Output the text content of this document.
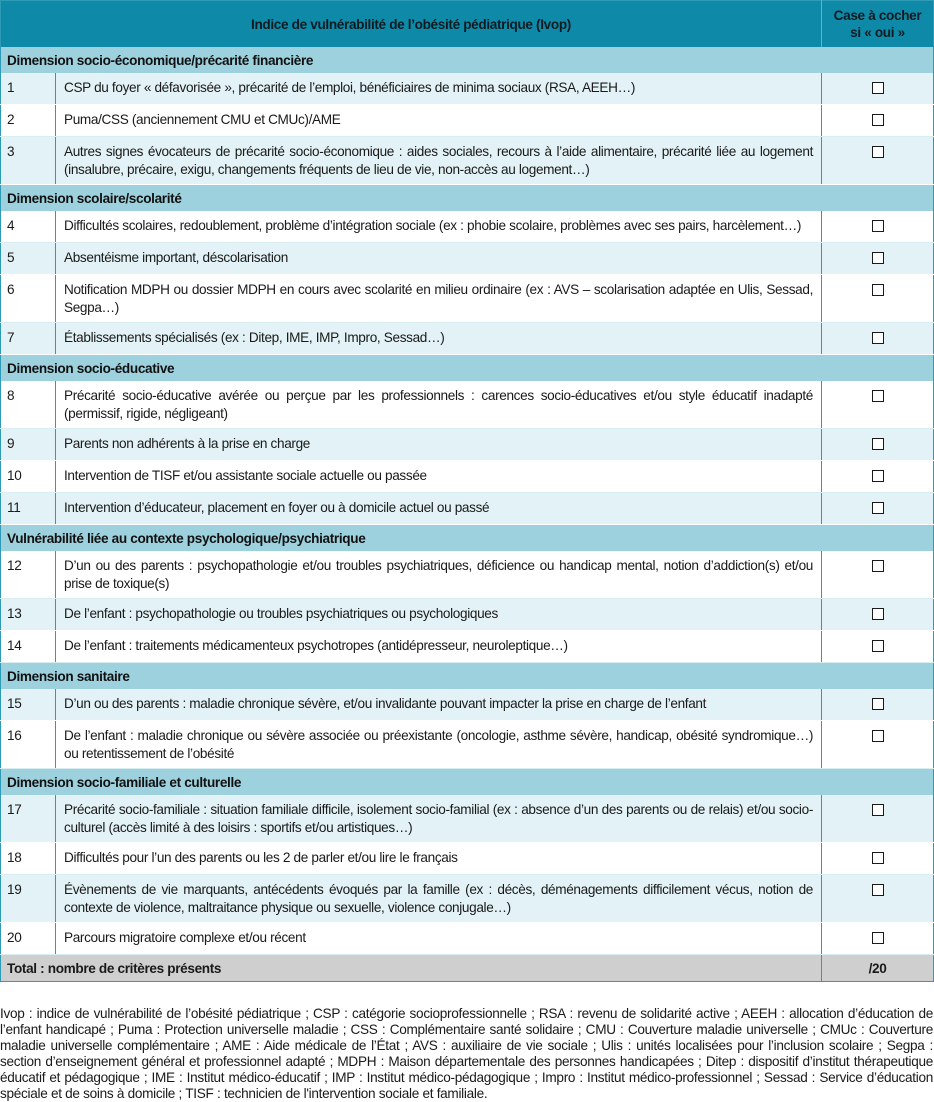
Indice de vulnérabilité de l’obésité pédiatrique (Ivop)		Case à cocher si « oui »
Dimension socio-économique/précarité financière		
1	CSP du foyer « défavorisée », précarité de l’emploi, bénéficiaires de minima sociaux (RSA, AEEH…)	
2	Puma/CSS (anciennement CMU et CMUc)/AME	
3	Autres signes évocateurs de précarité socio-économique : aides sociales, recours à l’aide alimentaire, précarité liée au logement (insalubre, précaire, exigu, changements fréquents de lieu de vie, non-accès au logement…)	
Dimension scolaire/scolarité		
4	Difficultés scolaires, redoublement, problème d’intégration sociale (ex : phobie scolaire, problèmes avec ses pairs, harcèlement…)	
5	Absentéisme important, déscolarisation	
6	Notification MDPH ou dossier MDPH en cours avec scolarité en milieu ordinaire (ex : AVS – scolarisation adaptée en Ulis, Sessad, Segpa…)	
7	Établissements spécialisés (ex : Ditep, IME, IMP, Impro, Sessad…)	
Dimension socio-éducative		
8	Précarité socio-éducative avérée ou perçue par les professionnels : carences socio-éducatives et/ou style éducatif inadapté (permissif, rigide, négligeant)	
9	Parents non adhérents à la prise en charge	
10	Intervention de TISF et/ou assistante sociale actuelle ou passée	
11	Intervention d’éducateur, placement en foyer ou à domicile actuel ou passé	
Vulnérabilité liée au contexte psychologique/psychiatrique		
12	D’un ou des parents : psychopathologie et/ou troubles psychiatriques, déficience ou handicap mental, notion d’addiction(s) et/ou prise de toxique(s)	
13	De l’enfant : psychopathologie ou troubles psychiatriques ou psychologiques	
14	De l’enfant : traitements médicamenteux psychotropes (antidépresseur, neuroleptique…)	
Dimension sanitaire		
15	D’un ou des parents : maladie chronique sévère, et/ou invalidante pouvant impacter la prise en charge de l’enfant	
16	De l’enfant : maladie chronique ou sévère associée ou préexistante (oncologie, asthme sévère, handicap, obésité syndromique…) ou retentissement de l’obésité	
Dimension socio-familiale et culturelle		
17	Précarité socio-familiale : situation familiale difficile, isolement socio-familial (ex : absence d’un des parents ou de relais) et/ou socio-culturel (accès limité à des loisirs : sportifs et/ou artistiques…)	
18	Difficultés pour l’un des parents ou les 2 de parler et/ou lire le français	
19	Évènements de vie marquants, antécédents évoqués par la famille (ex : décès, déménagements difficilement vécus, notion de contexte de violence, maltraitance physique ou sexuelle, violence conjugale…)	
20	Parcours migratoire complexe et/ou récent	
Total : nombre de critères présents		/20

Ivop : indice de vulnérabilité de l’obésité pédiatrique ; CSP : catégorie socioprofessionnelle ; RSA : revenu de solidarité active ; AEEH : allocation d’éducation de l’enfant handicapé ; Puma : Protection universelle maladie ; CSS : Complémentaire santé solidaire ; CMU : Couverture maladie universelle ; CMUc : Couverture maladie universelle complémentaire ; AME : Aide médicale de l’État ; AVS : auxiliaire de vie sociale ; Ulis : unités localisées pour l’inclusion scolaire ; Segpa : section d’enseignement général et professionnel adapté ; MDPH : Maison départementale des personnes handicapées ; Ditep : dispositif d’institut thérapeutique éducatif et pédagogique ; IME : Institut médico-éducatif ; IMP : Institut médico-pédagogique ; Impro : Institut médico-professionnel ; Sessad : Service d’éducation spéciale et de soins à domicile ; TISF : technicien de l'intervention sociale et familiale.
